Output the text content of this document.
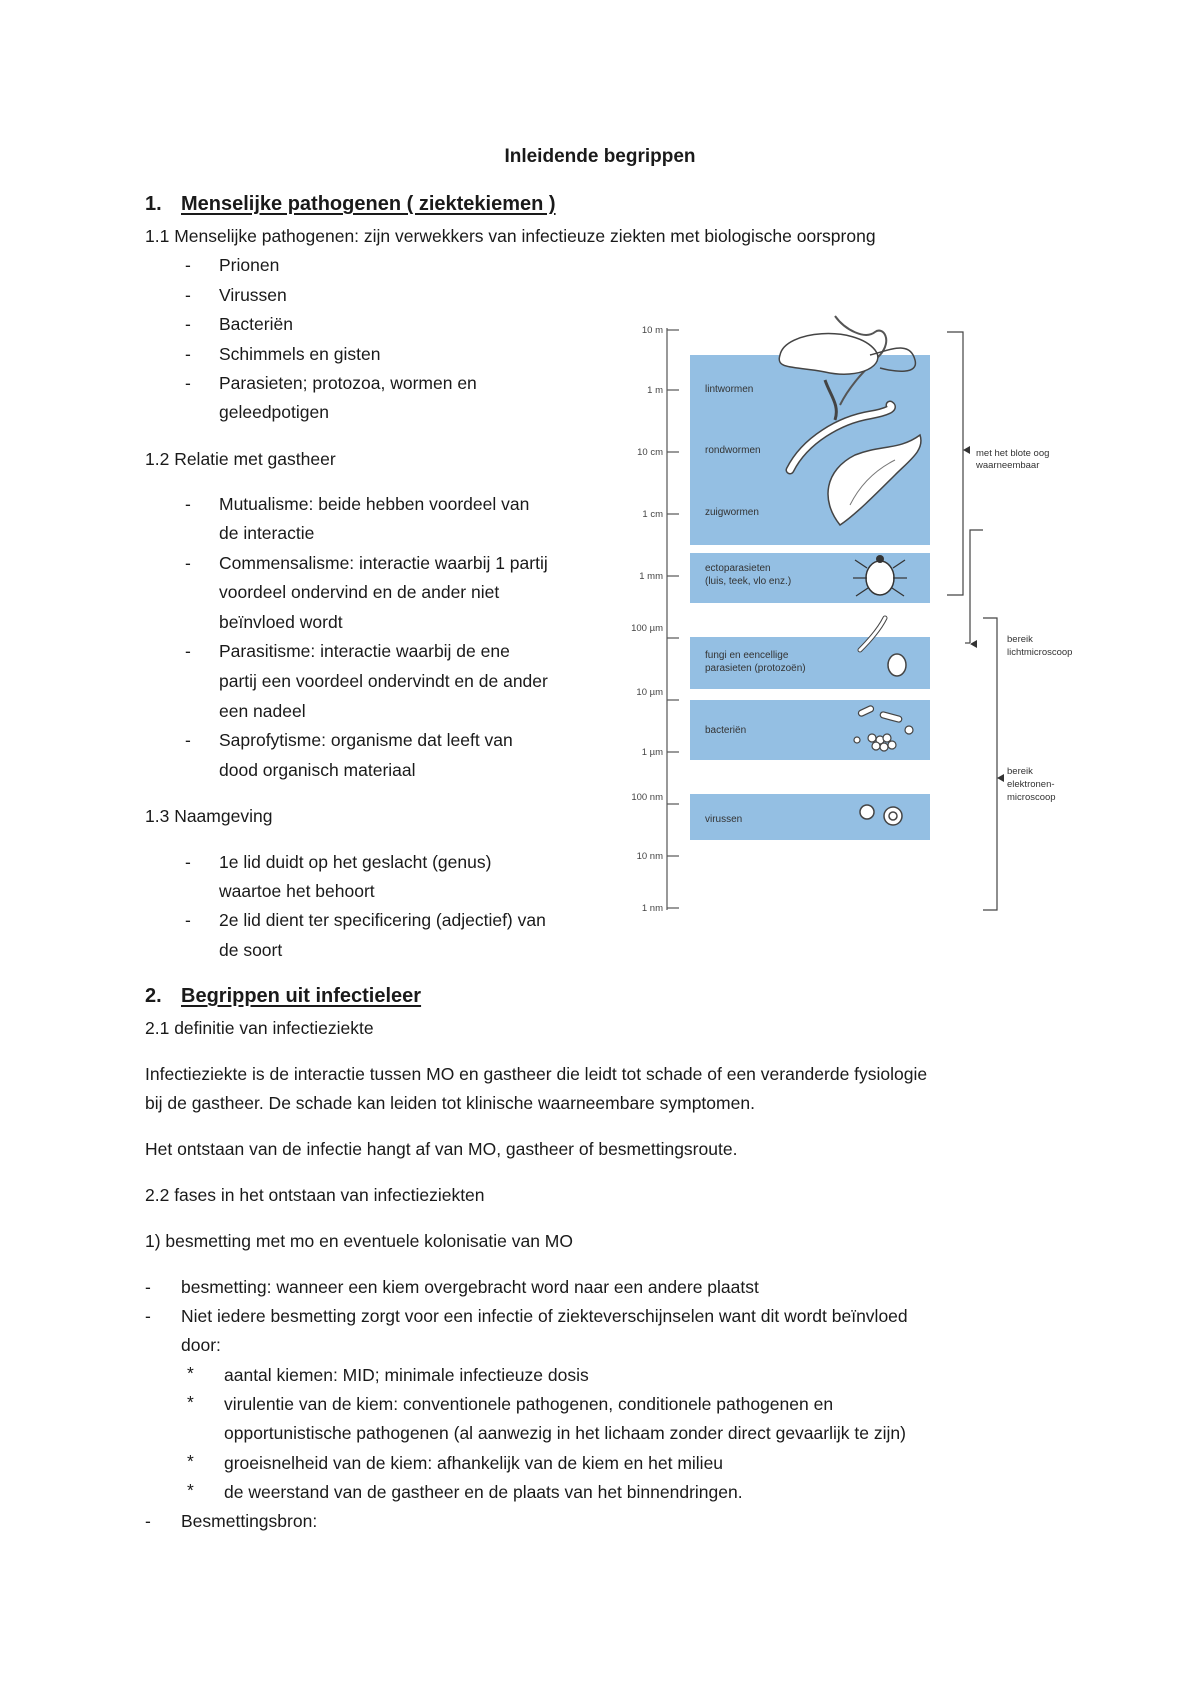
Inleidende begrippen
1. Menselijke pathogenen ( ziektekiemen )
1.1 Menselijke pathogenen: zijn verwekkers van infectieuze ziekten met biologische oorsprong
- Prionen
- Virussen
- Bacteriën
- Schimmels en gisten
- Parasieten; protozoa, wormen en
geleedpotigen
1.2 Relatie met gastheer
- Mutualisme: beide hebben voordeel van
de interactie
- Commensalisme: interactie waarbij 1 partij
voordeel ondervind en de ander niet
beïnvloed wordt
- Parasitisme: interactie waarbij de ene
partij een voordeel ondervindt en de ander
een nadeel
- Saprofytisme: organisme dat leeft van
dood organisch materiaal
1.3 Naamgeving
- 1e lid duidt op het geslacht (genus)
waartoe het behoort
- 2e lid dient ter specificering (adjectief) van
de soort
10 m
1 m
10 cm
1 cm
1 mm
100 µm
10 µm
1 µm
100 nm
10 nm
1 nm
lintwormen
rondwormen
zuigwormen
ectoparasieten
(luis, teek, vlo enz.)
fungi en eencellige
parasieten (protozoën)
bacteriën
virussen
met het blote oog
waarneembaar
bereik
lichtmicroscoop
bereik
elektronen-
microscoop
2. Begrippen uit infectieleer
2.1 definitie van infectieziekte
Infectieziekte is de interactie tussen MO en gastheer die leidt tot schade of een veranderde fysiologie
bij de gastheer. De schade kan leiden tot klinische waarneembare symptomen.
Het ontstaan van de infectie hangt af van MO, gastheer of besmettingsroute.
2.2 fases in het ontstaan van infectieziekten
1) besmetting met mo en eventuele kolonisatie van MO
- besmetting: wanneer een kiem overgebracht word naar een andere plaatst
- Niet iedere besmetting zorgt voor een infectie of ziekteverschijnselen want dit wordt beïnvloed
door:
* aantal kiemen: MID; minimale infectieuze dosis
* virulentie van de kiem: conventionele pathogenen, conditionele pathogenen en
opportunistische pathogenen (al aanwezig in het lichaam zonder direct gevaarlijk te zijn)
* groeisnelheid van de kiem: afhankelijk van de kiem en het milieu
* de weerstand van de gastheer en de plaats van het binnendringen.
- Besmettingsbron:
